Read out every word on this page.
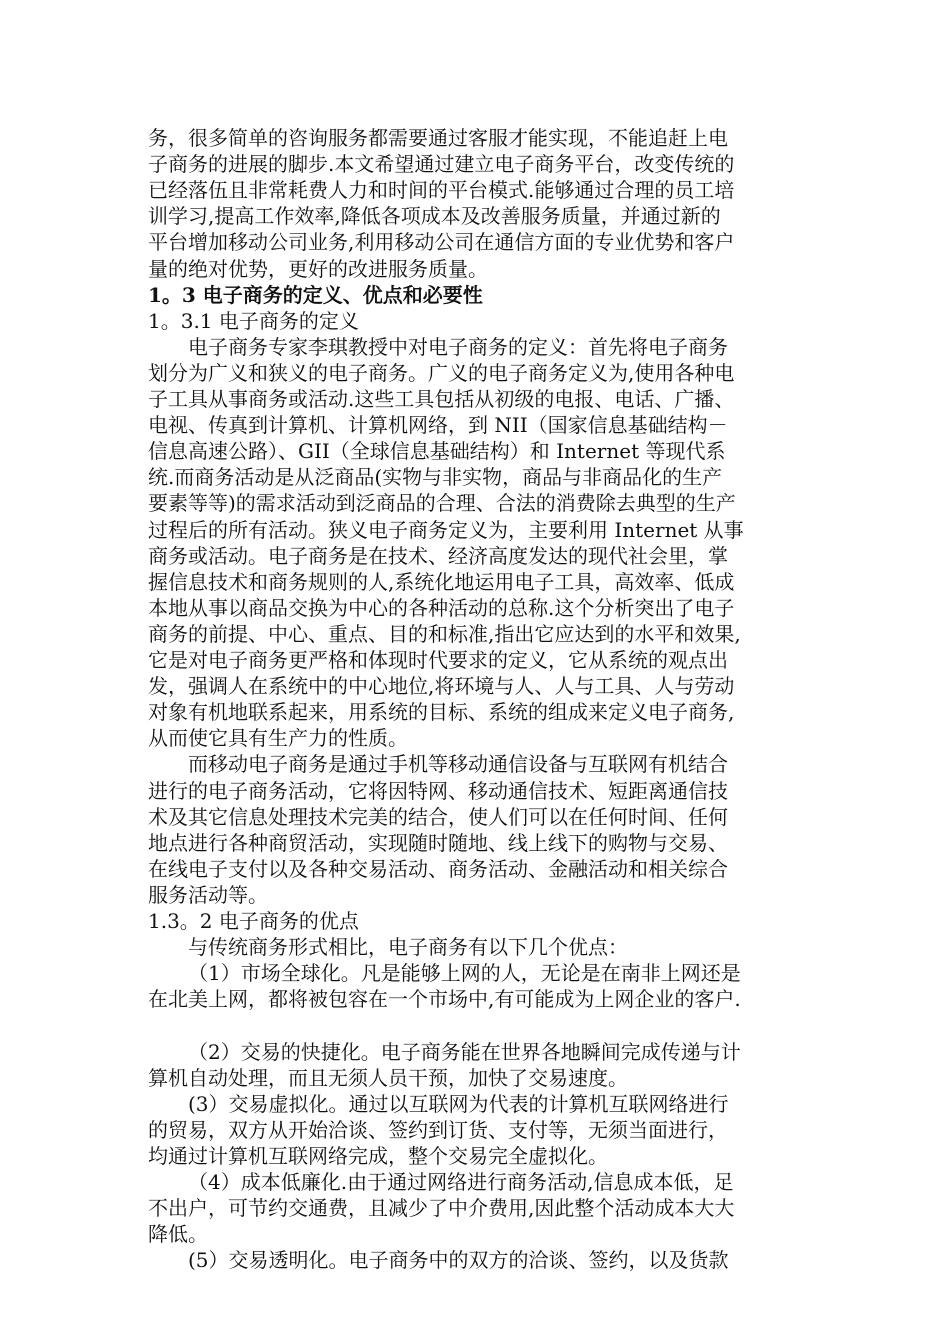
务，很多简单的咨询服务都需要通过客服才能实现，不能追赶上电
子商务的进展的脚步.本文希望通过建立电子商务平台，改变传统的
已经落伍且非常耗费人力和时间的平台模式.能够通过合理的员工培
训学习,提高工作效率,降低各项成本及改善服务质量，并通过新的
平台增加移动公司业务,利用移动公司在通信方面的专业优势和客户
量的绝对优势，更好的改进服务质量。
1。3 电子商务的定义、优点和必要性
1。3.1 电子商务的定义
电子商务专家李琪教授中对电子商务的定义：首先将电子商务
划分为广义和狭义的电子商务。广义的电子商务定义为,使用各种电
子工具从事商务或活动.这些工具包括从初级的电报、电话、广播、
电视、传真到计算机、计算机网络，到 NII（国家信息基础结构－
信息高速公路）、GII（全球信息基础结构）和 Internet 等现代系
统.而商务活动是从泛商品(实物与非实物，商品与非商品化的生产
要素等等)的需求活动到泛商品的合理、合法的消费除去典型的生产
过程后的所有活动。狭义电子商务定义为，主要利用 Internet 从事
商务或活动。电子商务是在技术、经济高度发达的现代社会里，掌
握信息技术和商务规则的人,系统化地运用电子工具，高效率、低成
本地从事以商品交换为中心的各种活动的总称.这个分析突出了电子
商务的前提、中心、重点、目的和标准,指出它应达到的水平和效果,
它是对电子商务更严格和体现时代要求的定义，它从系统的观点出
发，强调人在系统中的中心地位,将环境与人、人与工具、人与劳动
对象有机地联系起来，用系统的目标、系统的组成来定义电子商务,
从而使它具有生产力的性质。
而移动电子商务是通过手机等移动通信设备与互联网有机结合
进行的电子商务活动，它将因特网、移动通信技术、短距离通信技
术及其它信息处理技术完美的结合，使人们可以在任何时间、任何
地点进行各种商贸活动，实现随时随地、线上线下的购物与交易、
在线电子支付以及各种交易活动、商务活动、金融活动和相关综合
服务活动等。
1.3。2 电子商务的优点
与传统商务形式相比，电子商务有以下几个优点：
（1）市场全球化。凡是能够上网的人，无论是在南非上网还是
在北美上网，都将被包容在一个市场中,有可能成为上网企业的客户.
（2）交易的快捷化。电子商务能在世界各地瞬间完成传递与计
算机自动处理，而且无须人员干预，加快了交易速度。
(3）交易虚拟化。通过以互联网为代表的计算机互联网络进行
的贸易，双方从开始洽谈、签约到订货、支付等，无须当面进行，
均通过计算机互联网络完成，整个交易完全虚拟化。
（4）成本低廉化.由于通过网络进行商务活动,信息成本低，足
不出户，可节约交通费，且减少了中介费用,因此整个活动成本大大
降低。
(5）交易透明化。电子商务中的双方的洽谈、签约，以及货款
